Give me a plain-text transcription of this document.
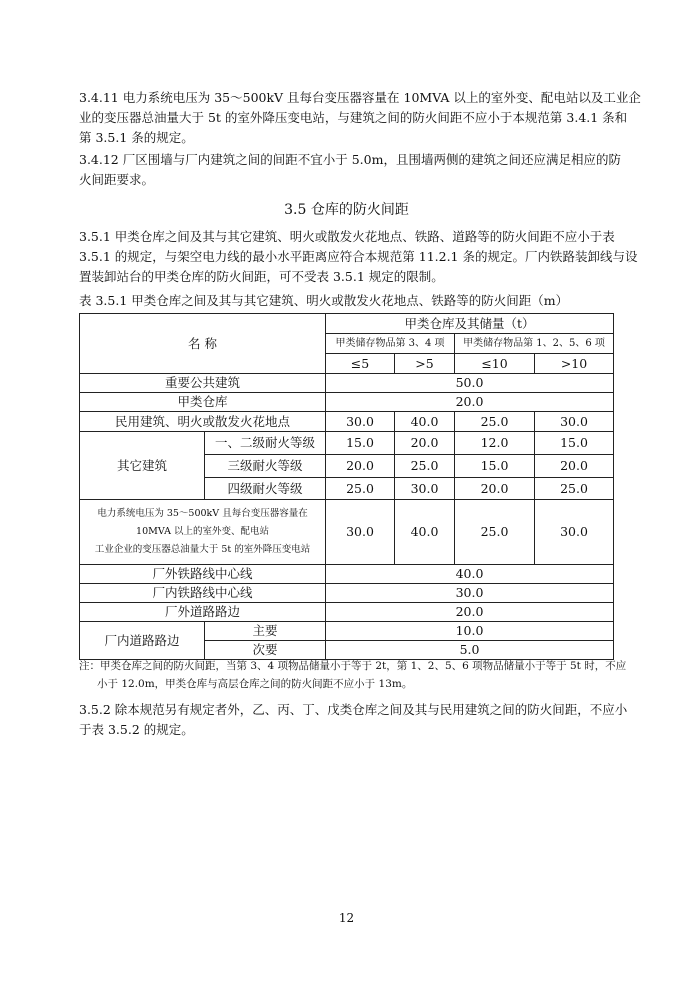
3.4.11 电力系统电压为 35～500kV 且每台变压器容量在 10MVA 以上的室外变、配电站以及工业企
业的变压器总油量大于 5t 的室外降压变电站，与建筑之间的防火间距不应小于本规范第 3.4.1 条和
第 3.5.1 条的规定。
3.4.12 厂区围墙与厂内建筑之间的间距不宜小于 5.0m，且围墙两侧的建筑之间还应满足相应的防
火间距要求。
3.5 仓库的防火间距
3.5.1 甲类仓库之间及其与其它建筑、明火或散发火花地点、铁路、道路等的防火间距不应小于表
3.5.1 的规定，与架空电力线的最小水平距离应符合本规范第 11.2.1 条的规定。厂内铁路装卸线与设
置装卸站台的甲类仓库的防火间距，可不受表 3.5.1 规定的限制。
表 3.5.1 甲类仓库之间及其与其它建筑、明火或散发火花地点、铁路等的防火间距（m）
名 称		甲类仓库及其储量（t）			
		甲类储存物品第 3、4 项		甲类储存物品第 1、2、5、6 项	
		≤5	>5	≤10	>10
重要公共建筑		50.0			
甲类仓库		20.0			
民用建筑、明火或散发火花地点		30.0	40.0	25.0	30.0
其它建筑	一、二级耐火等级	15.0	20.0	12.0	15.0
	三级耐火等级	20.0	25.0	15.0	20.0
	四级耐火等级	25.0	30.0	20.0	25.0

电力系统电压为 35～500kV 且每台变压器容量在
10MVA 以上的室外变、配电站
工业企业的变压器总油量大于 5t 的室外降压变电站		30.0	40.0	25.0	30.0
厂外铁路线中心线		40.0			
厂内铁路线中心线		30.0			
厂外道路路边		20.0			
厂内道路路边	主要	10.0			
	次要	5.0			
注：甲类仓库之间的防火间距，当第 3、4 项物品储量小于等于 2t，第 1、2、5、6 项物品储量小于等于 5t 时，不应
小于 12.0m，甲类仓库与高层仓库之间的防火间距不应小于 13m。
3.5.2 除本规范另有规定者外，乙、丙、丁、戊类仓库之间及其与民用建筑之间的防火间距，不应小
于表 3.5.2 的规定。
12
